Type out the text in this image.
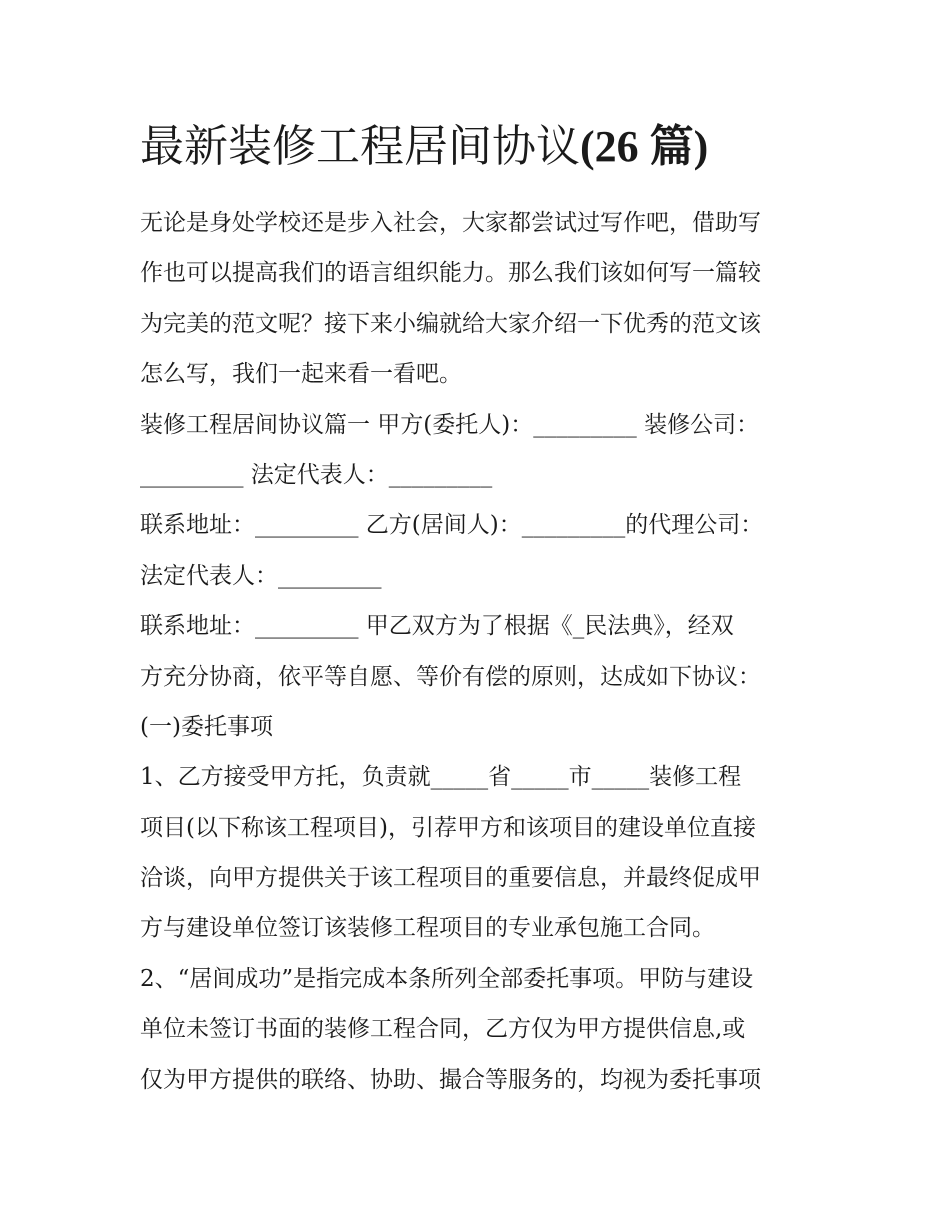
最新装修工程居间协议(26 篇)
无论是身处学校还是步入社会，大家都尝试过写作吧，借助写
作也可以提高我们的语言组织能力。那么我们该如何写一篇较
为完美的范文呢？接下来小编就给大家介绍一下优秀的范文该
怎么写，我们一起来看一看吧。
装修工程居间协议篇一 甲方(委托人)：_________ 装修公司：
_________ 法定代表人：_________
联系地址：_________ 乙方(居间人)：_________的代理公司：
法定代表人：_________
联系地址：_________ 甲乙双方为了根据《_民法典》，经双
方充分协商，依平等自愿、等价有偿的原则，达成如下协议：
(一)委托事项
1、乙方接受甲方托，负责就_____省_____市_____装修工程
项目(以下称该工程项目)，引荐甲方和该项目的建设单位直接
洽谈，向甲方提供关于该工程项目的重要信息，并最终促成甲
方与建设单位签订该装修工程项目的专业承包施工合同。
2、“居间成功”是指完成本条所列全部委托事项。甲防与建设
单位未签订书面的装修工程合同，乙方仅为甲方提供信息,或
仅为甲方提供的联络、协助、撮合等服务的，均视为委托事项
